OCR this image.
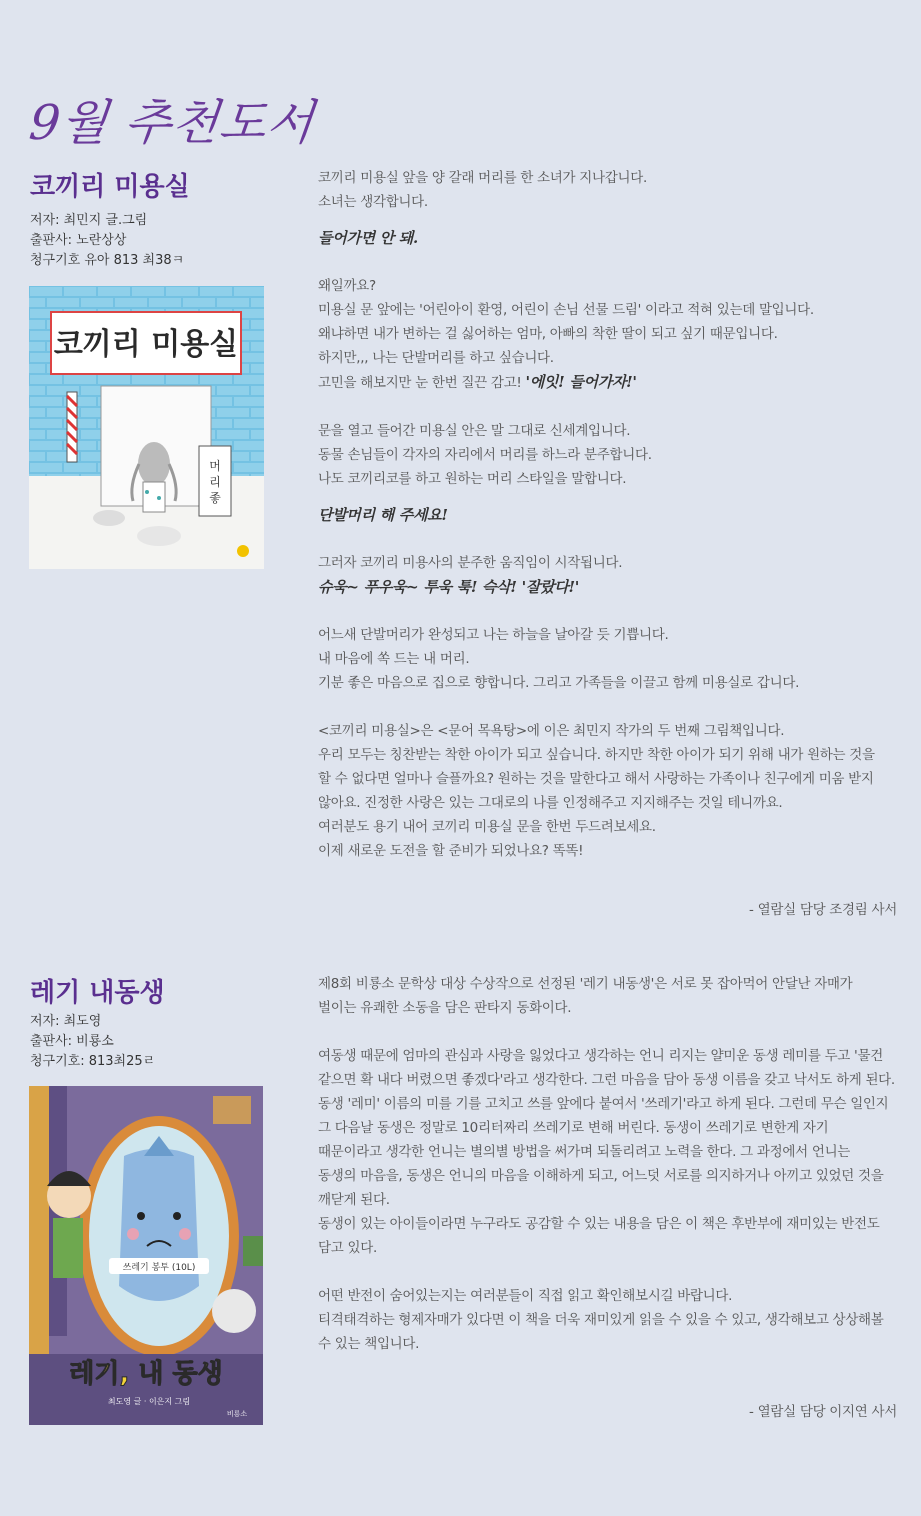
9월 추천도서
코끼리 미용실
저자: 최민지 글.그림
출판사: 노란상상
청구기호 유아 813 최38ㅋ
코끼리 미용실
머
리
좋

코끼리 미용실 앞을 양 갈래 머리를 한 소녀가 지나갑니다.

소녀는 생각합니다.

들어가면 안 돼.

왜일까요?

미용실 문 앞에는 '어린아이 환영, 어린이 손님 선물 드림' 이라고 적혀 있는데 말입니다.

왜냐하면 내가 변하는 걸 싫어하는 엄마, 아빠의 착한 딸이 되고 싶기 때문입니다.

하지만,,, 나는 단발머리를 하고 싶습니다.

고민을 해보지만 눈 한번 질끈 감고! '에잇! 들어가자!'

문을 열고 들어간 미용실 안은 말 그대로 신세계입니다.

동물 손님들이 각자의 자리에서 머리를 하느라 분주합니다.

나도 코끼리코를 하고 원하는 머리 스타일을 말합니다.

단발머리 해 주세요!

그러자 코끼리 미용사의 분주한 움직임이 시작됩니다.

슈욱~ 푸우욱~ 투욱 툭! 슥삭! '잘랐다!'

어느새 단발머리가 완성되고 나는 하늘을 날아갈 듯 기쁩니다.

내 마음에 쏙 드는 내 머리.

기분 좋은 마음으로 집으로 향합니다. 그리고 가족들을 이끌고 함께 미용실로 갑니다.

<코끼리 미용실>은 <문어 목욕탕>에 이은 최민지 작가의 두 번째 그림책입니다.

우리 모두는 칭찬받는 착한 아이가 되고 싶습니다. 하지만 착한 아이가 되기 위해 내가 원하는 것을

할 수 없다면 얼마나 슬플까요? 원하는 것을 말한다고 해서 사랑하는 가족이나 친구에게 미움 받지

않아요. 진정한 사랑은 있는 그대로의 나를 인정해주고 지지해주는 것일 테니까요.

여러분도 용기 내어 코끼리 미용실 문을 한번 두드려보세요.

이제 새로운 도전을 할 준비가 되었나요? 똑똑!

- 열람실 담당 조경림 사서
레기 내동생
저자: 최도영
출판사: 비룡소
청구기호: 813최25ㄹ
쓰레기 봉투 (10L)
레기, 내 동생
최도영 글 · 이은지 그림
비룡소

제8회 비룡소 문학상 대상 수상작으로 선정된 '레기 내동생'은 서로 못 잡아먹어 안달난 자매가

벌이는 유쾌한 소동을 담은 판타지 동화이다.

여동생 때문에 엄마의 관심과 사랑을 잃었다고 생각하는 언니 리지는 얄미운 동생 레미를 두고 '물건

같으면 확 내다 버렸으면 좋겠다'라고 생각한다. 그런 마음을 담아 동생 이름을 갖고 낙서도 하게 된다.

동생 '레미' 이름의 미를 기를 고치고 쓰를 앞에다 붙여서 '쓰레기'라고 하게 된다. 그런데 무슨 일인지

그 다음날 동생은 정말로 10리터짜리 쓰레기로 변해 버린다. 동생이 쓰레기로 변한게 자기

때문이라고 생각한 언니는 별의별 방법을 써가며 되돌리려고 노력을 한다. 그 과정에서 언니는

동생의 마음을, 동생은 언니의 마음을 이해하게 되고, 어느덧 서로를 의지하거나 아끼고 있었던 것을

깨닫게 된다.

동생이 있는 아이들이라면 누구라도 공감할 수 있는 내용을 담은 이 책은 후반부에 재미있는 반전도

담고 있다.

어떤 반전이 숨어있는지는 여러분들이 직접 읽고 확인해보시길 바랍니다.

티격태격하는 형제자매가 있다면 이 책을 더욱 재미있게 읽을 수 있을 수 있고, 생각해보고 상상해볼

수 있는 책입니다.

- 열람실 담당 이지연 사서
